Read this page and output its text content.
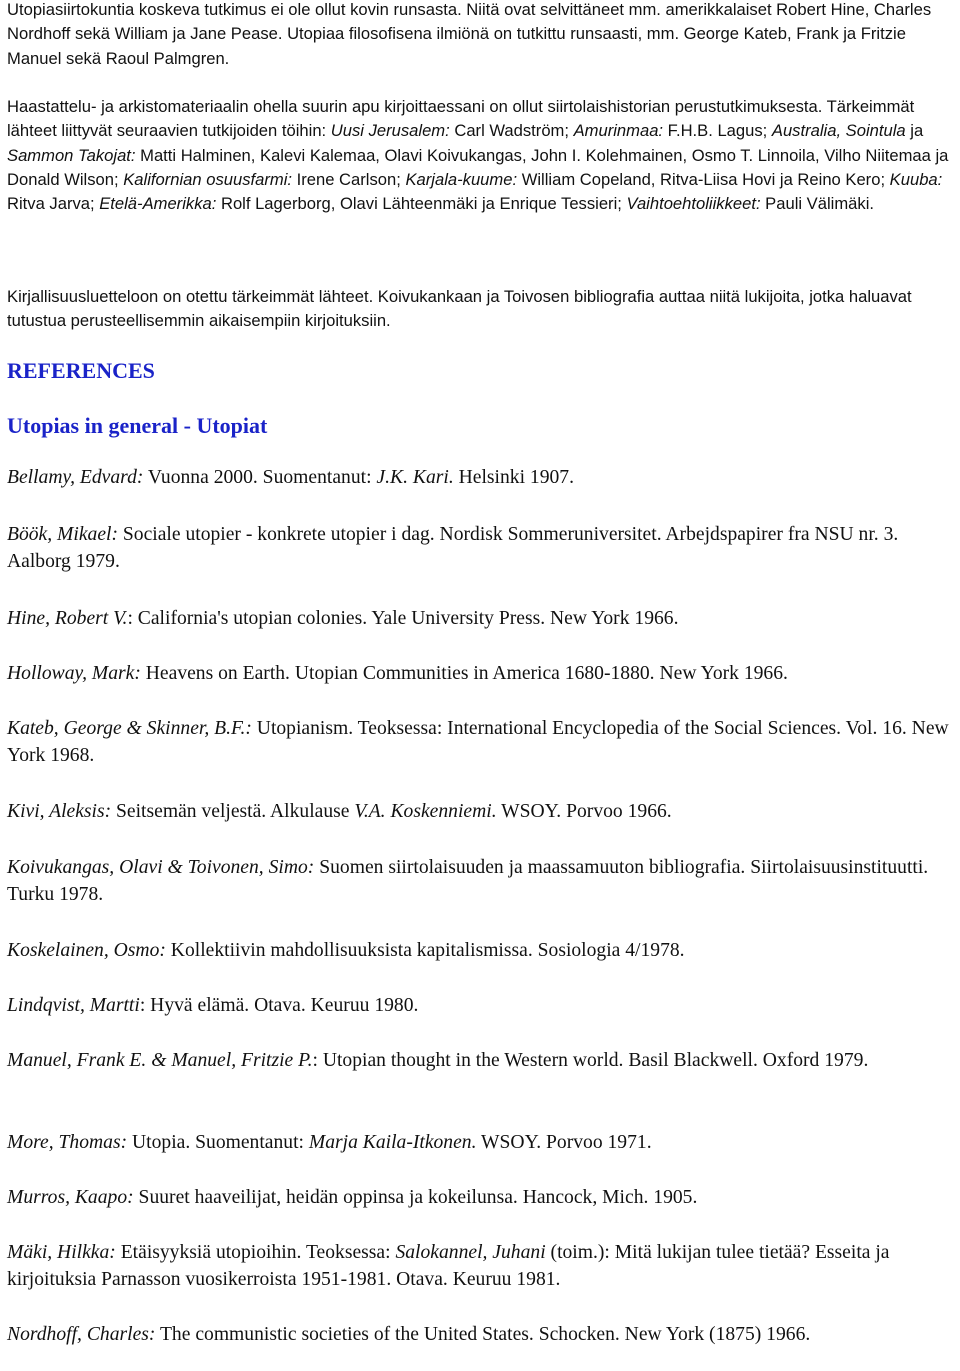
Utopiasiirtokuntia koskeva tutkimus ei ole ollut kovin runsasta. Niitä ovat selvittäneet mm. amerikkalaiset Robert Hine, Charles Nordhoff sekä William ja Jane Pease. Utopiaa filosofisena ilmiönä on tutkittu runsaasti, mm. George Kateb, Frank ja Fritzie Manuel sekä Raoul Palmgren.

Haastattelu- ja arkistomateriaalin ohella suurin apu kirjoittaessani on ollut siirtolaishistorian perustutkimuksesta. Tärkeimmät lähteet liittyvät seuraavien tutkijoiden töihin: Uusi Jerusalem: Carl Wadström; Amurinmaa: F.H.B. Lagus; Australia, Sointula ja Sammon Takojat: Matti Halminen, Kalevi Kalemaa, Olavi Koivukangas, John I. Kolehmainen, Osmo T. Linnoila, Vilho Niitemaa ja Donald Wilson; Kalifornian osuusfarmi: Irene Carlson; Karjala-kuume: William Copeland, Ritva-Liisa Hovi ja Reino Kero; Kuuba: Ritva Jarva; Etelä-Amerikka: Rolf Lagerborg, Olavi Lähteenmäki ja Enrique Tessieri; Vaihtoehtoliikkeet: Pauli Välimäki.

Kirjallisuusluetteloon on otettu tärkeimmät lähteet. Koivukankaan ja Toivosen bibliografia auttaa niitä lukijoita, jotka haluavat tutustua perusteellisemmin aikaisempiin kirjoituksiin.

REFERENCES
Utopias in general - Utopiat

Bellamy, Edvard: Vuonna 2000. Suomentanut: J.K. Kari. Helsinki 1907.

Böök, Mikael: Sociale utopier - konkrete utopier i dag. Nordisk Sommeruniversitet. Arbejdspapirer fra NSU nr. 3. Aalborg 1979.

Hine, Robert V.: California's utopian colonies. Yale University Press. New York 1966.

Holloway, Mark: Heavens on Earth. Utopian Communities in America 1680-1880. New York 1966.

Kateb, George & Skinner, B.F.: Utopianism. Teoksessa: International Encyclopedia of the Social Sciences. Vol. 16. New York 1968.

Kivi, Aleksis: Seitsemän veljestä. Alkulause V.A. Koskenniemi. WSOY. Porvoo 1966.

Koivukangas, Olavi & Toivonen, Simo: Suomen siirtolaisuuden ja maassamuuton bibliografia. Siirtolaisuusinstituutti. Turku 1978.

Koskelainen, Osmo: Kollektiivin mahdollisuuksista kapitalismissa. Sosiologia 4/1978.

Lindqvist, Martti: Hyvä elämä. Otava. Keuruu 1980.

Manuel, Frank E. & Manuel, Fritzie P.: Utopian thought in the Western world. Basil Blackwell. Oxford 1979.

More, Thomas: Utopia. Suomentanut: Marja Kaila-Itkonen. WSOY. Porvoo 1971.

Murros, Kaapo: Suuret haaveilijat, heidän oppinsa ja kokeilunsa. Hancock, Mich. 1905.

Mäki, Hilkka: Etäisyyksiä utopioihin. Teoksessa: Salokannel, Juhani (toim.): Mitä lukijan tulee tietää? Esseita ja kirjoituksia Parnasson vuosikerroista 1951-1981. Otava. Keuruu 1981.

Nordhoff, Charles: The communistic societies of the United States. Schocken. New York (1875) 1966.
